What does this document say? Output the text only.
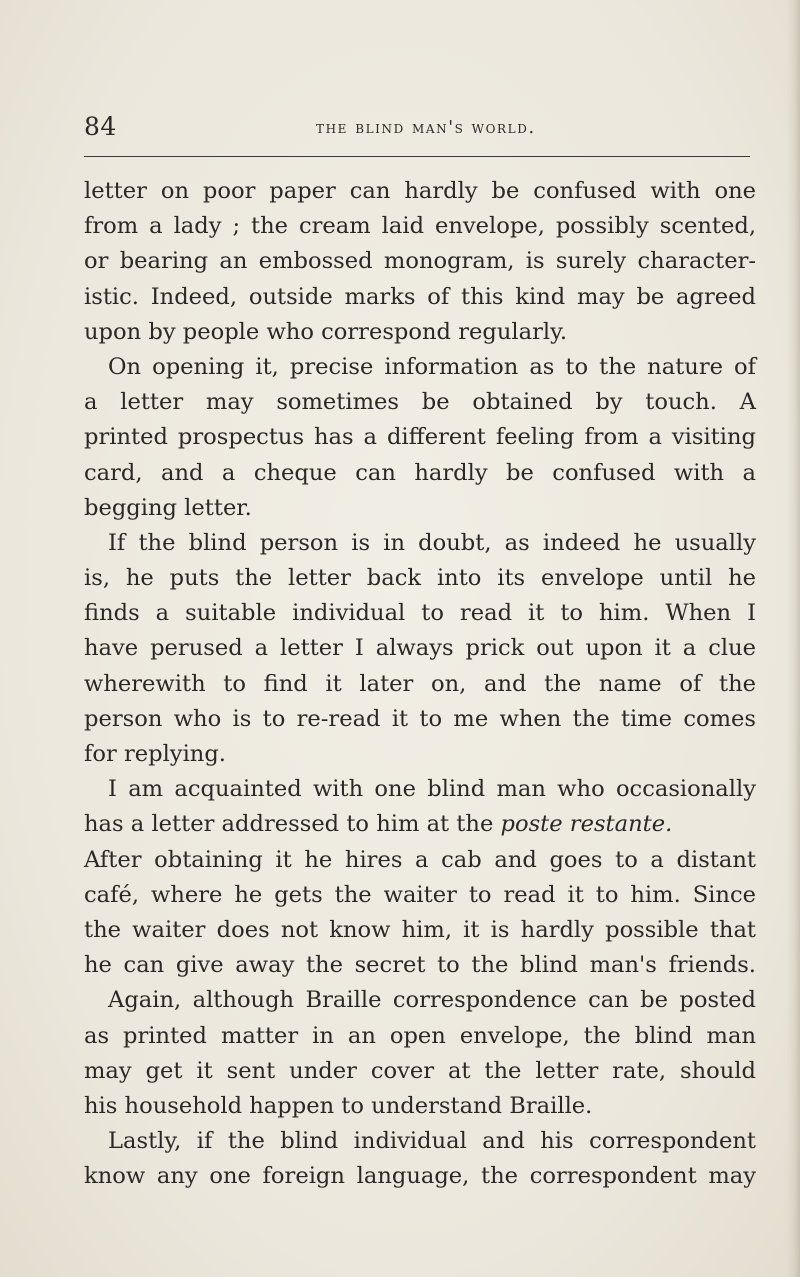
84	the blind man's world.
letter on poor paper can hardly be confused with one
from a lady ; the cream laid envelope, possibly scented,
or bearing an embossed monogram, is surely character-
istic. Indeed, outside marks of this kind may be agreed
upon by people who correspond regularly.
On opening it, precise information as to the nature of
a letter may sometimes be obtained by touch. A
printed prospectus has a different feeling from a visiting
card, and a cheque can hardly be confused with a
begging letter.
If the blind person is in doubt, as indeed he usually
is, he puts the letter back into its envelope until he
finds a suitable individual to read it to him. When I
have perused a letter I always prick out upon it a clue
wherewith to find it later on, and the name of the
person who is to re-read it to me when the time comes
for replying.
I am acquainted with one blind man who occasionally
has a letter addressed to him at the poste restante.
After obtaining it he hires a cab and goes to a distant
café, where he gets the waiter to read it to him. Since
the waiter does not know him, it is hardly possible that
he can give away the secret to the blind man's friends.
Again, although Braille correspondence can be posted
as printed matter in an open envelope, the blind man
may get it sent under cover at the letter rate, should
his household happen to understand Braille.
Lastly, if the blind individual and his correspondent
know any one foreign language, the correspondent may
